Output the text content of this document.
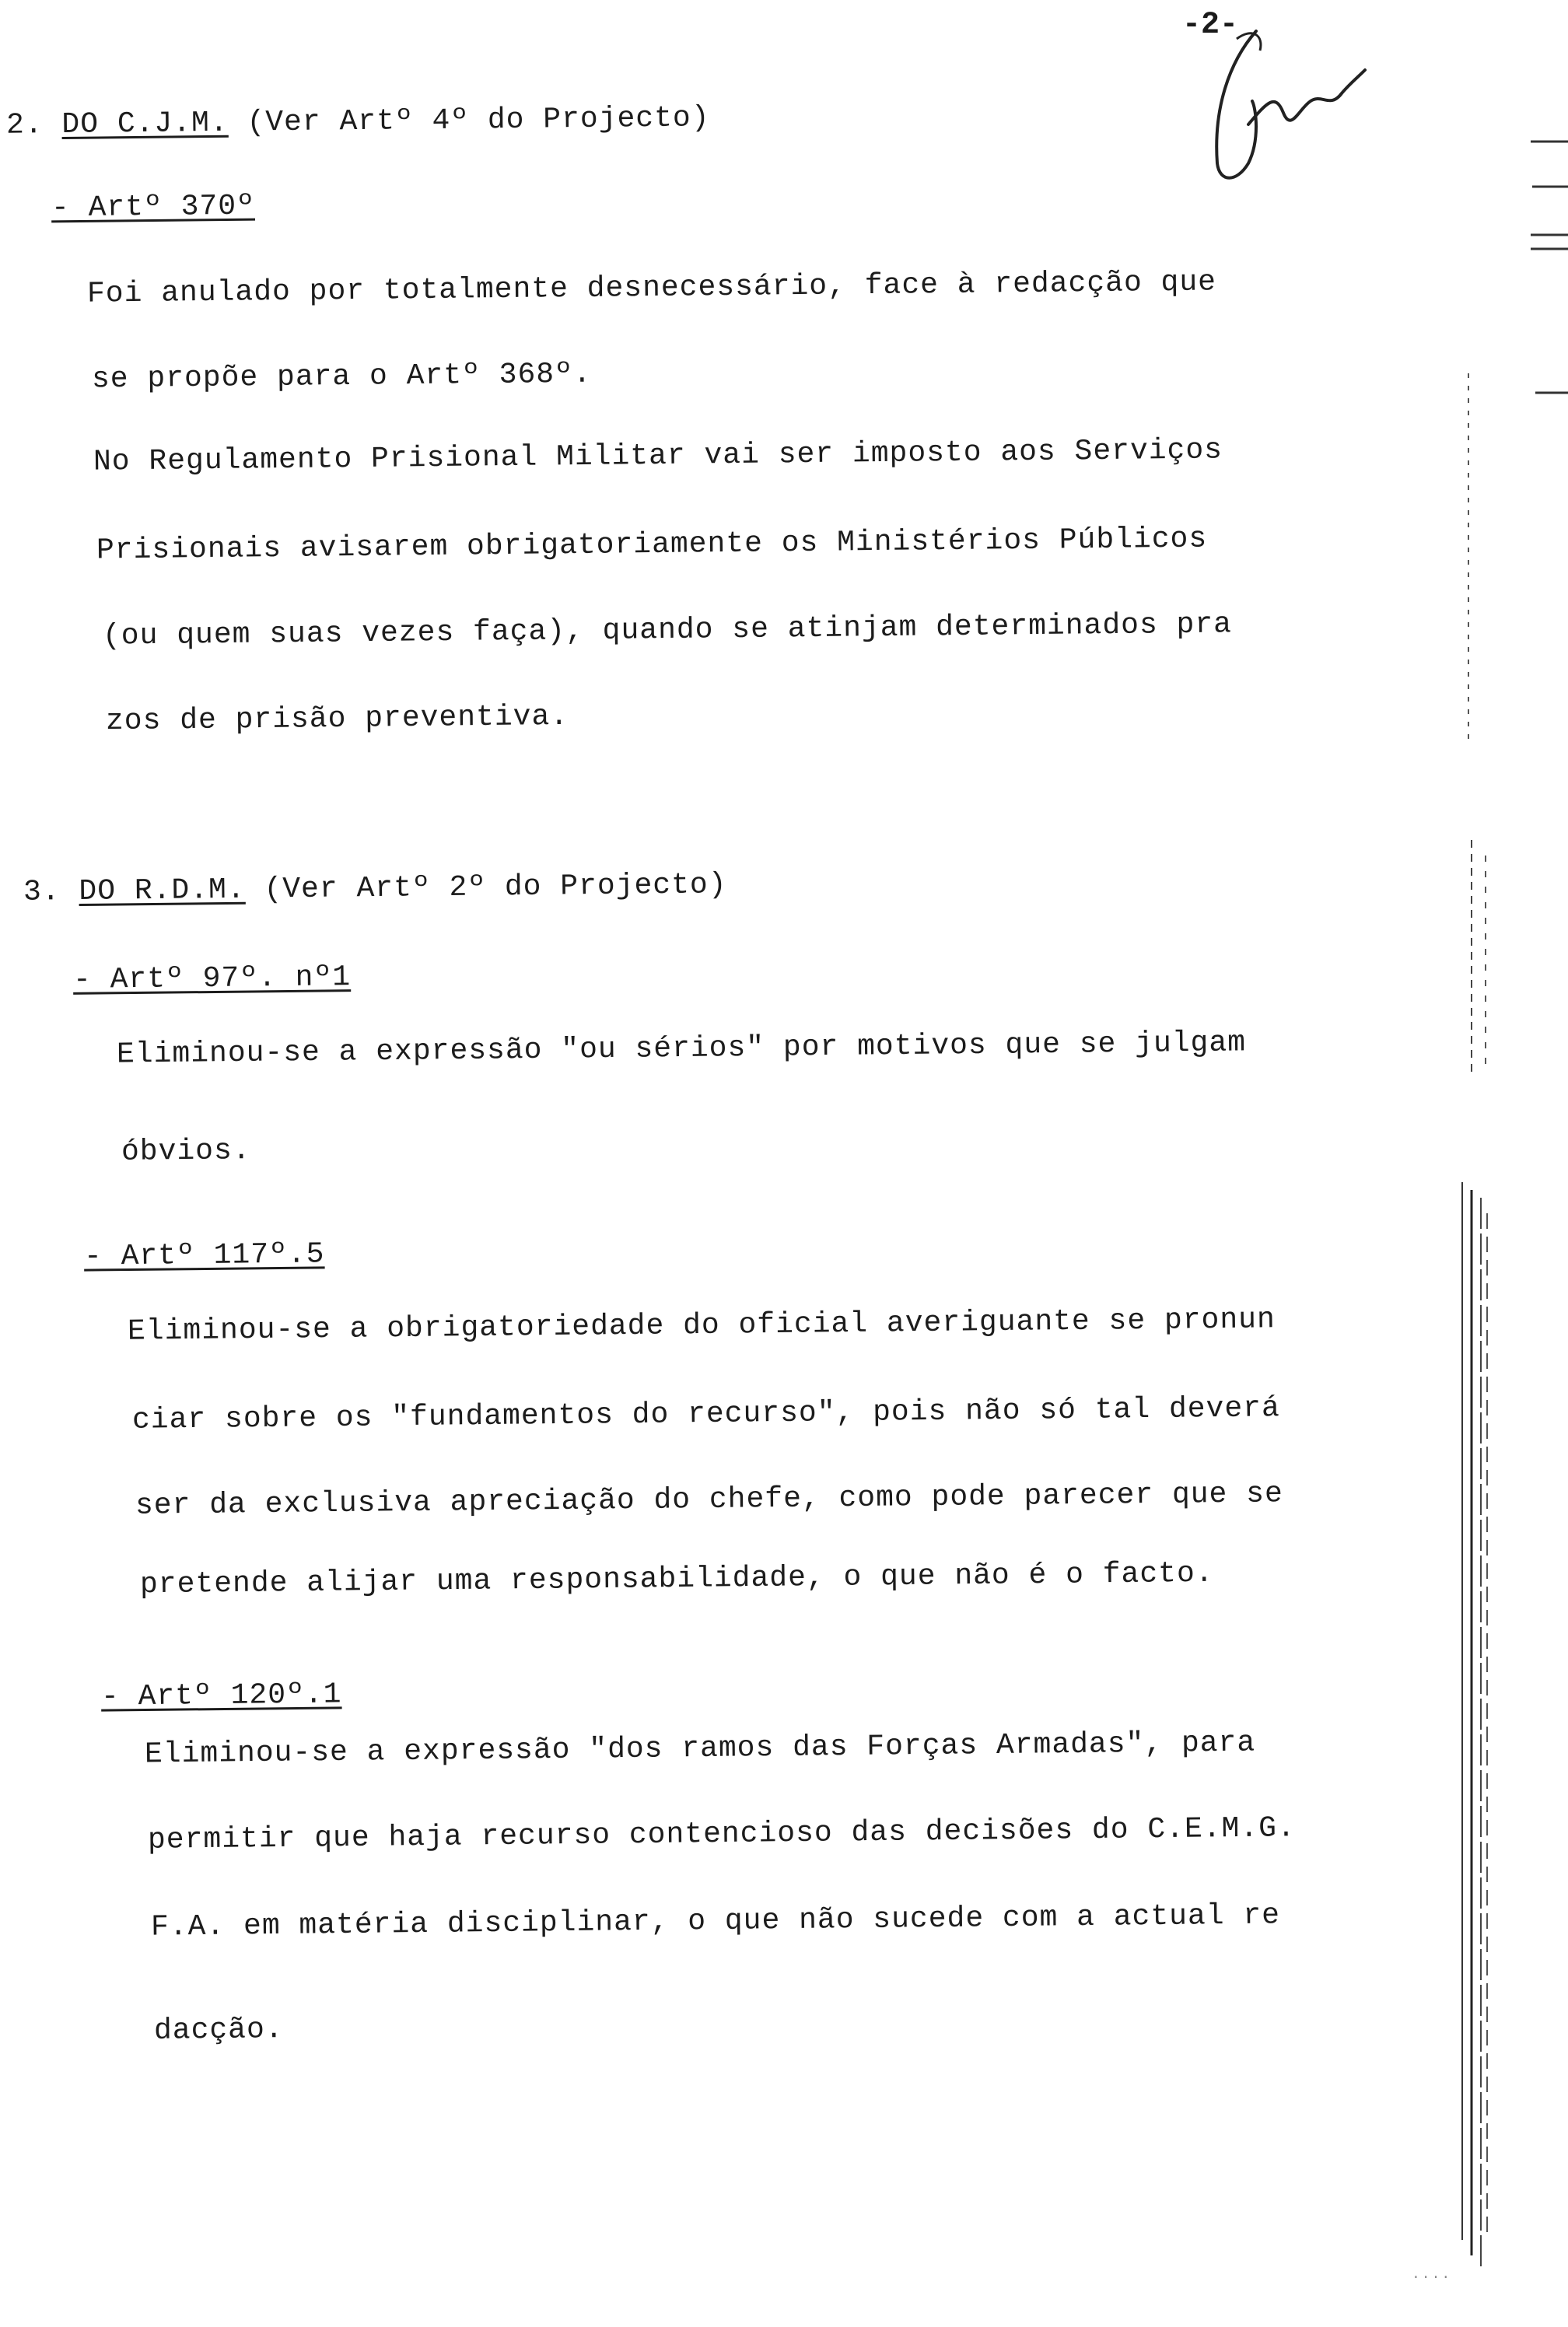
-2-
2. DO C.J.M. (Ver Artº 4º do Projecto)
- Artº 370º
Foi anulado por totalmente desnecessário, face à redacção que
se propõe para o Artº 368º.
No Regulamento Prisional Militar vai ser imposto aos Serviços
Prisionais avisarem obrigatoriamente os Ministérios Públicos
(ou quem suas vezes faça), quando se atinjam determinados pra
zos de prisão preventiva.
3. DO R.D.M. (Ver Artº 2º do Projecto)
- Artº 97º. nº1
Eliminou-se a expressão "ou sérios" por motivos que se julgam
óbvios.
- Artº 117º.5
Eliminou-se a obrigatoriedade do oficial averiguante se pronun
ciar sobre os "fundamentos do recurso", pois não só tal deverá
ser da exclusiva apreciação do chefe, como pode parecer que se
pretende alijar uma responsabilidade, o que não é o facto.
- Artº 120º.1
Eliminou-se a expressão "dos ramos das Forças Armadas", para
permitir que haja recurso contencioso das decisões do C.E.M.G.
F.A. em matéria disciplinar, o que não sucede com a actual re
dacção.
....
